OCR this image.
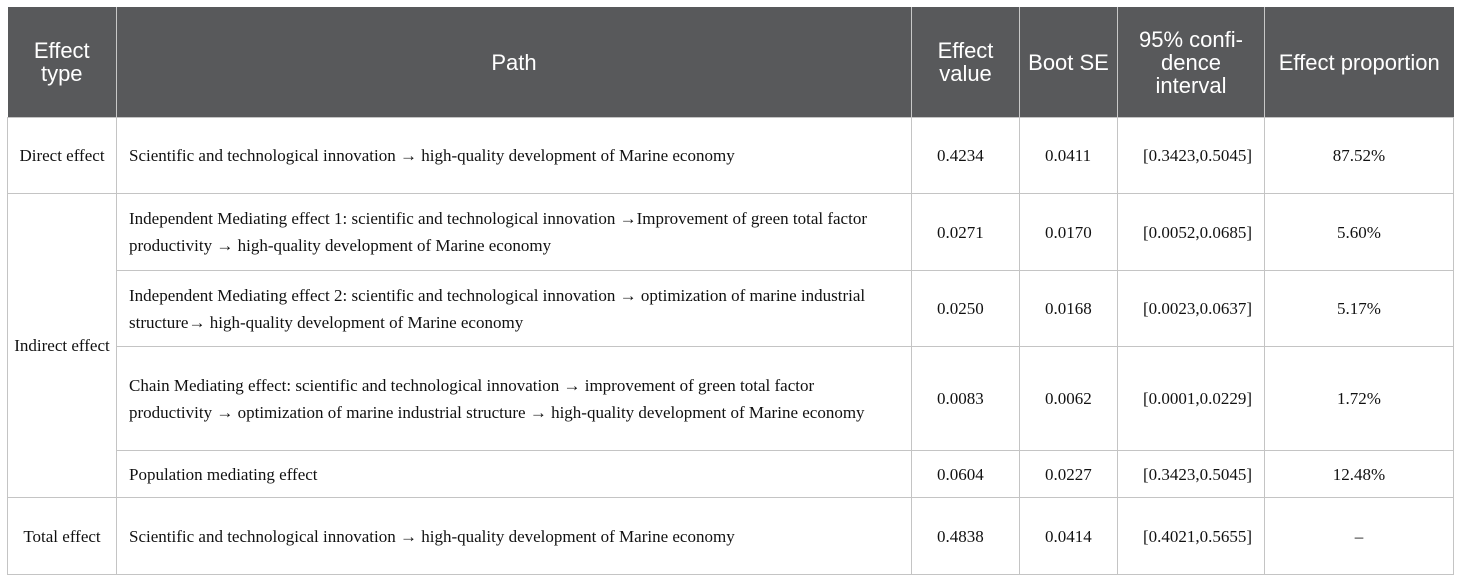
Effect type	Path	Effect value	Boot SE	95% confi- dence interval	Effect proportion
Direct effect	Scientific and technological innovation → high-quality development of Marine economy	0.4234	0.0411	[0.3423,0.5045]	87.52%
Indirect effect	Independent Mediating effect 1: scientific and technological innovation →Improvement of green total factor productivity → high-quality development of Marine economy	0.0271	0.0170	[0.0052,0.0685]	5.60%
	Independent Mediating effect 2: scientific and technological innovation → optimization of marine industrial structure→ high-quality development of Marine economy	0.0250	0.0168	[0.0023,0.0637]	5.17%
	Chain Mediating effect: scientific and technological innovation → improvement of green total factor productivity → optimization of marine industrial structure → high-quality development of Marine economy	0.0083	0.0062	[0.0001,0.0229]	1.72%
	Population mediating effect	0.0604	0.0227	[0.3423,0.5045]	12.48%
Total effect	Scientific and technological innovation → high-quality development of Marine economy	0.4838	0.0414	[0.4021,0.5655]	–
